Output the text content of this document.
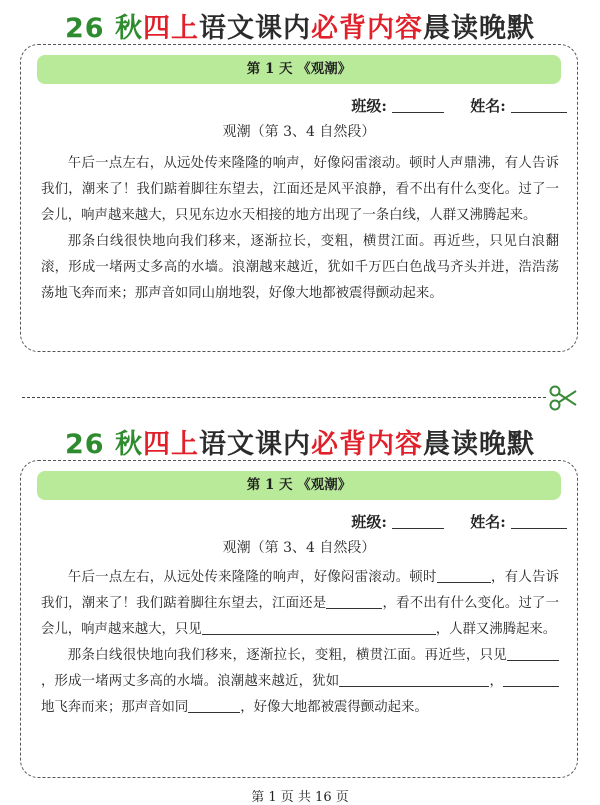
26 秋四上语文课内必背内容晨读晚默
第 1 天 《观潮》
班级:	姓名:
观潮（第 3、4 自然段）

午后一点左右，从远处传来隆隆的响声，好像闷雷滚动。顿时人声鼎沸，有人告诉我们，潮来了！我们踮着脚往东望去，江面还是风平浪静，看不出有什么变化。过了一会儿，响声越来越大，只见东边水天相接的地方出现了一条白线，人群又沸腾起来。

那条白线很快地向我们移来，逐渐拉长，变粗，横贯江面。再近些，只见白浪翻滚，形成一堵两丈多高的水墙。浪潮越来越近，犹如千万匹白色战马齐头并进，浩浩荡荡地飞奔而来；那声音如同山崩地裂，好像大地都被震得颤动起来。

26 秋四上语文课内必背内容晨读晚默
第 1 天 《观潮》
班级:	姓名:
观潮（第 3、4 自然段）

午后一点左右，从远处传来隆隆的响声，好像闷雷滚动。顿时	，有人告诉我们，潮来了！我们踮着脚往东望去，江面还是	，看不出有什么变化。过了一会儿，响声越来越大，只见	，人群又沸腾起来。

那条白线很快地向我们移来，逐渐拉长，变粗，横贯江面。再近些，只见，形成一堵两丈多高的水墙。浪潮越来越近，犹如	，地飞奔而来；那声音如同	，好像大地都被震得颤动起来。

第 1 页 共 16 页
